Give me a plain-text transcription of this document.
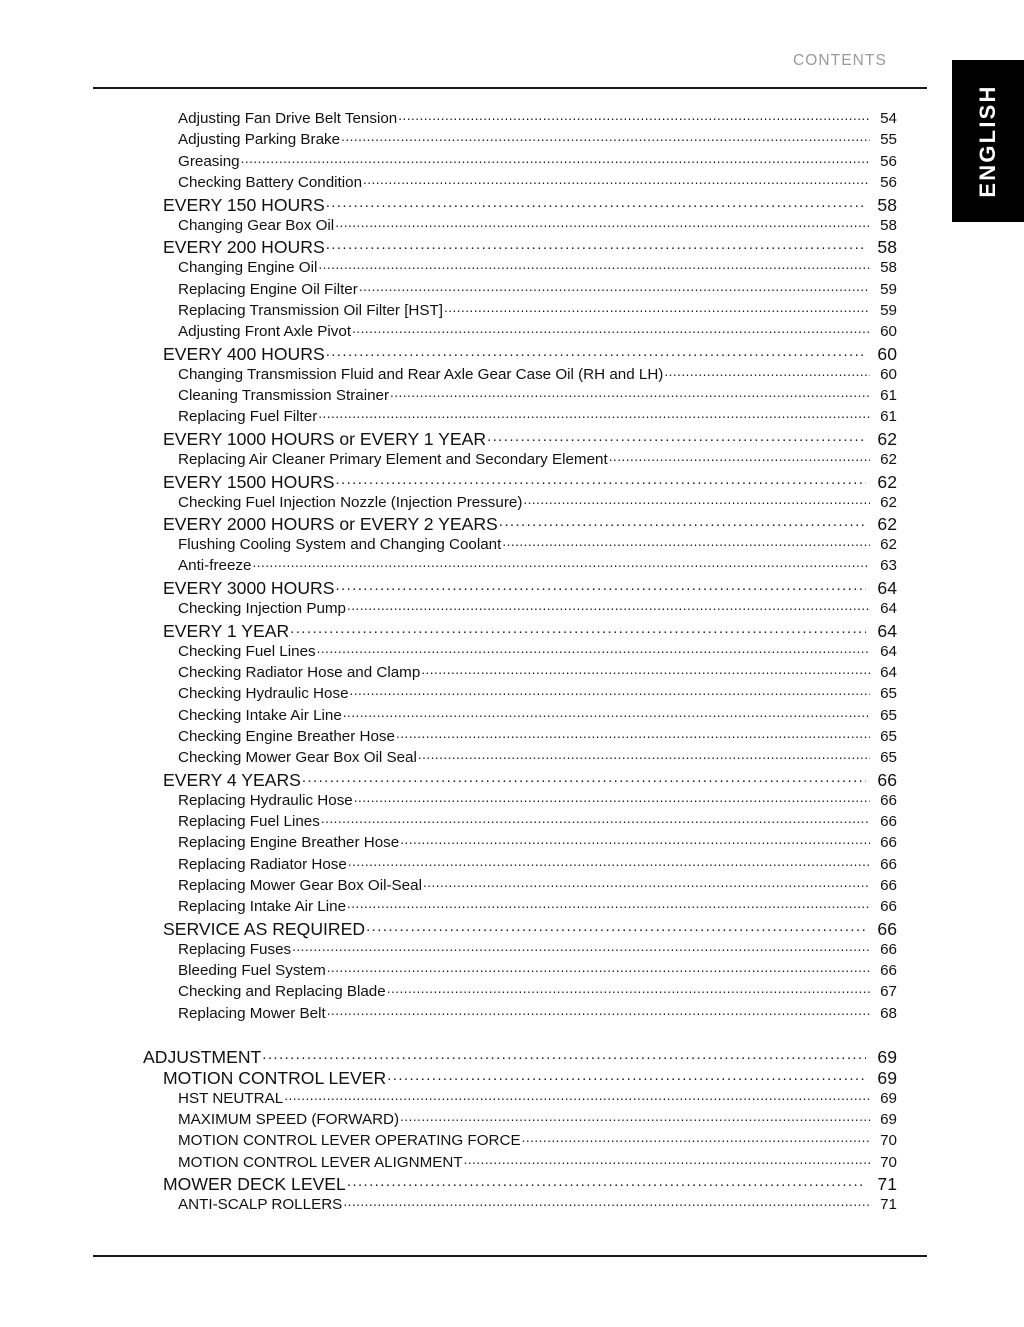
CONTENTS
ENGLISH
Adjusting Fan Drive Belt Tension .....	54
Adjusting Parking Brake .....	55
Greasing .....	56
Checking Battery Condition .....	56
EVERY 150 HOURS .....	58
Changing Gear Box Oil .....	58
EVERY 200 HOURS .....	58
Changing Engine Oil .....	58
Replacing Engine Oil Filter .....	59
Replacing Transmission Oil Filter [HST] .....	59
Adjusting Front Axle Pivot .....	60
EVERY 400 HOURS .....	60
Changing Transmission Fluid and Rear Axle Gear Case Oil (RH and LH) .....	60
Cleaning Transmission Strainer .....	61
Replacing Fuel Filter .....	61
EVERY 1000 HOURS or EVERY 1 YEAR .....	62
Replacing Air Cleaner Primary Element and Secondary Element .....	62
EVERY 1500 HOURS .....	62
Checking Fuel Injection Nozzle (Injection Pressure) .....	62
EVERY 2000 HOURS or EVERY 2 YEARS .....	62
Flushing Cooling System and Changing Coolant .....	62
Anti-freeze .....	63
EVERY 3000 HOURS .....	64
Checking Injection Pump .....	64
EVERY 1 YEAR .....	64
Checking Fuel Lines .....	64
Checking Radiator Hose and Clamp .....	64
Checking Hydraulic Hose .....	65
Checking Intake Air Line .....	65
Checking Engine Breather Hose .....	65
Checking Mower Gear Box Oil Seal .....	65
EVERY 4 YEARS .....	66
Replacing Hydraulic Hose .....	66
Replacing Fuel Lines .....	66
Replacing Engine Breather Hose .....	66
Replacing Radiator Hose .....	66
Replacing Mower Gear Box Oil-Seal .....	66
Replacing Intake Air Line .....	66
SERVICE AS REQUIRED .....	66
Replacing Fuses .....	66
Bleeding Fuel System .....	66
Checking and Replacing Blade .....	67
Replacing Mower Belt .....	68
ADJUSTMENT .....	69
MOTION CONTROL LEVER .....	69
HST NEUTRAL .....	69
MAXIMUM SPEED (FORWARD) .....	69
MOTION CONTROL LEVER OPERATING FORCE .....	70
MOTION CONTROL LEVER ALIGNMENT .....	70
MOWER DECK LEVEL .....	71
ANTI-SCALP ROLLERS .....	71
